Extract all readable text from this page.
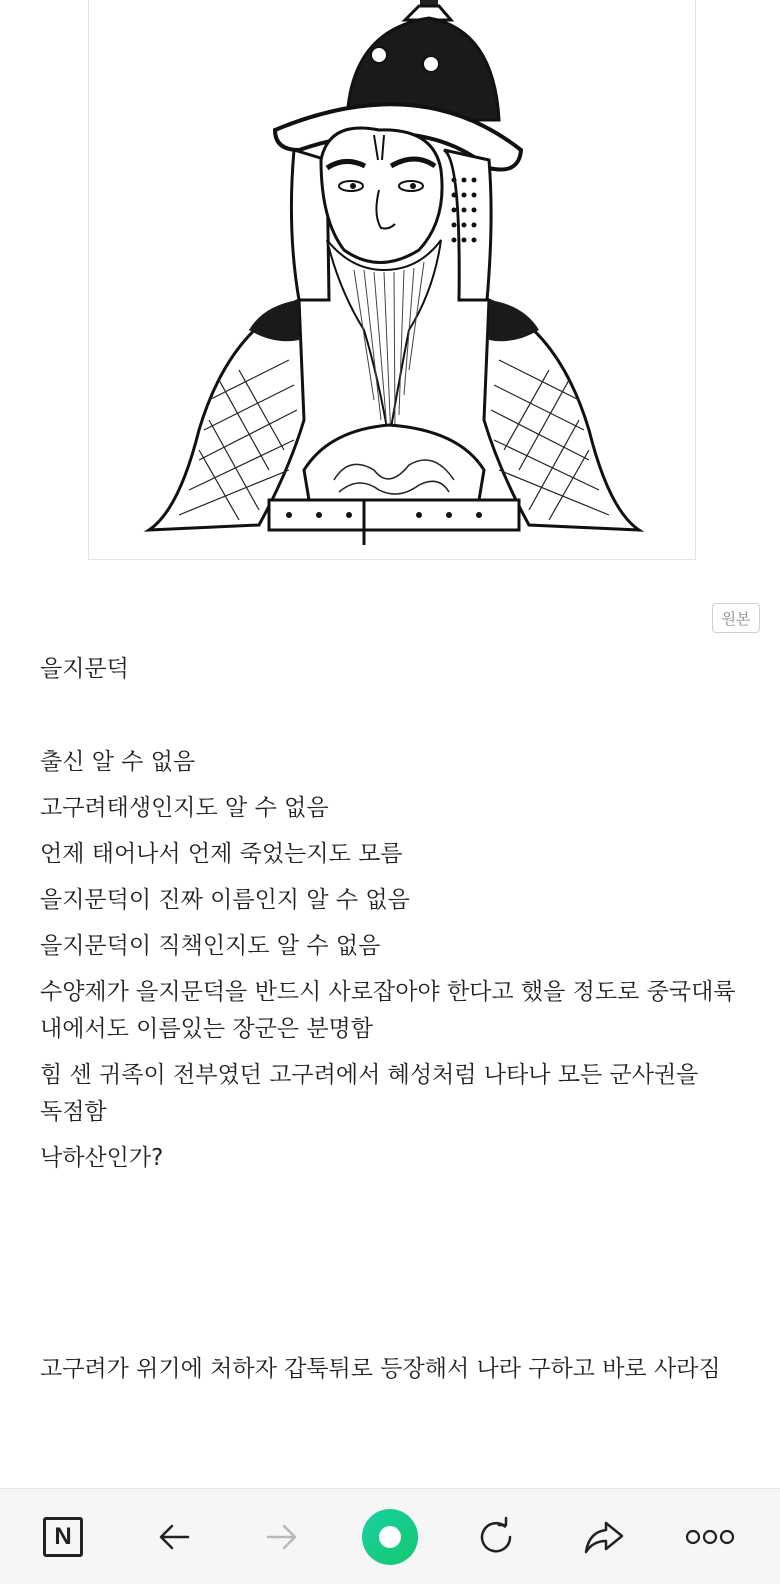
원본

을지문덕

출신 알 수 없음

고구려태생인지도 알 수 없음

언제 태어나서 언제 죽었는지도 모름

을지문덕이 진짜 이름인지 알 수 없음

을지문덕이 직책인지도 알 수 없음

수양제가 을지문덕을 반드시 사로잡아야 한다고 했을 정도로 중국대륙 내에서도 이름있는 장군은 분명함

힘 센 귀족이 전부였던 고구려에서 혜성처럼 나타나 모든 군사권을 독점함

낙하산인가?

고구려가 위기에 처하자 갑툭튀로 등장해서 나라 구하고 바로 사라짐

N
